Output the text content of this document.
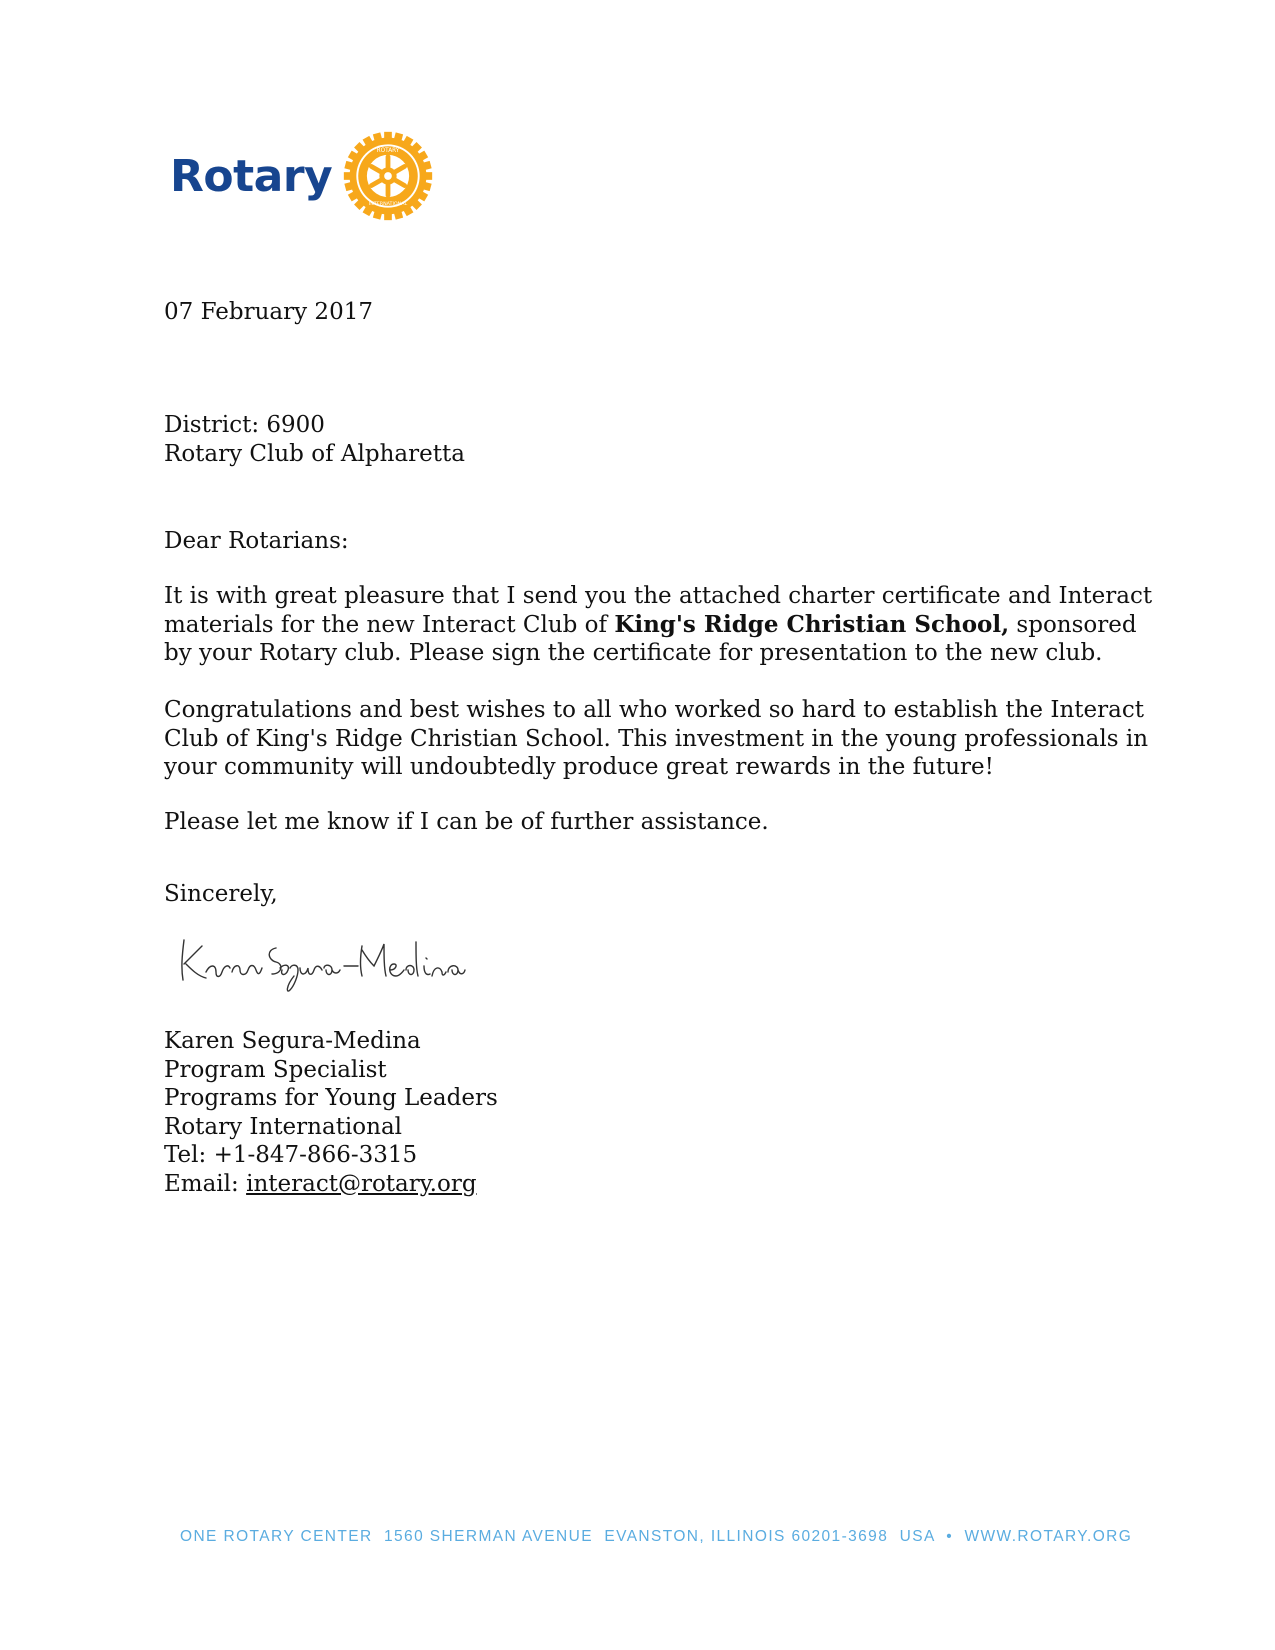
Rotary	ROTARY
INTERNATIONAL
07 February 2017
District: 6900
Rotary Club of Alpharetta
Dear Rotarians:
It is with great pleasure that I send you the attached charter certificate and Interact
materials for the new Interact Club of King's Ridge Christian School, sponsored
by your Rotary club. Please sign the certificate for presentation to the new club.
Congratulations and best wishes to all who worked so hard to establish the Interact
Club of King's Ridge Christian School. This investment in the young professionals in
your community will undoubtedly produce great rewards in the future!
Please let me know if I can be of further assistance.
Sincerely,
Karen Segura-Medina
Program Specialist
Programs for Young Leaders
Rotary International
Tel: +1-847-866-3315
Email: interact@rotary.org
ONE ROTARY CENTER  1560 SHERMAN AVENUE  EVANSTON, ILLINOIS 60201-3698  USA  •  WWW.ROTARY.ORG
